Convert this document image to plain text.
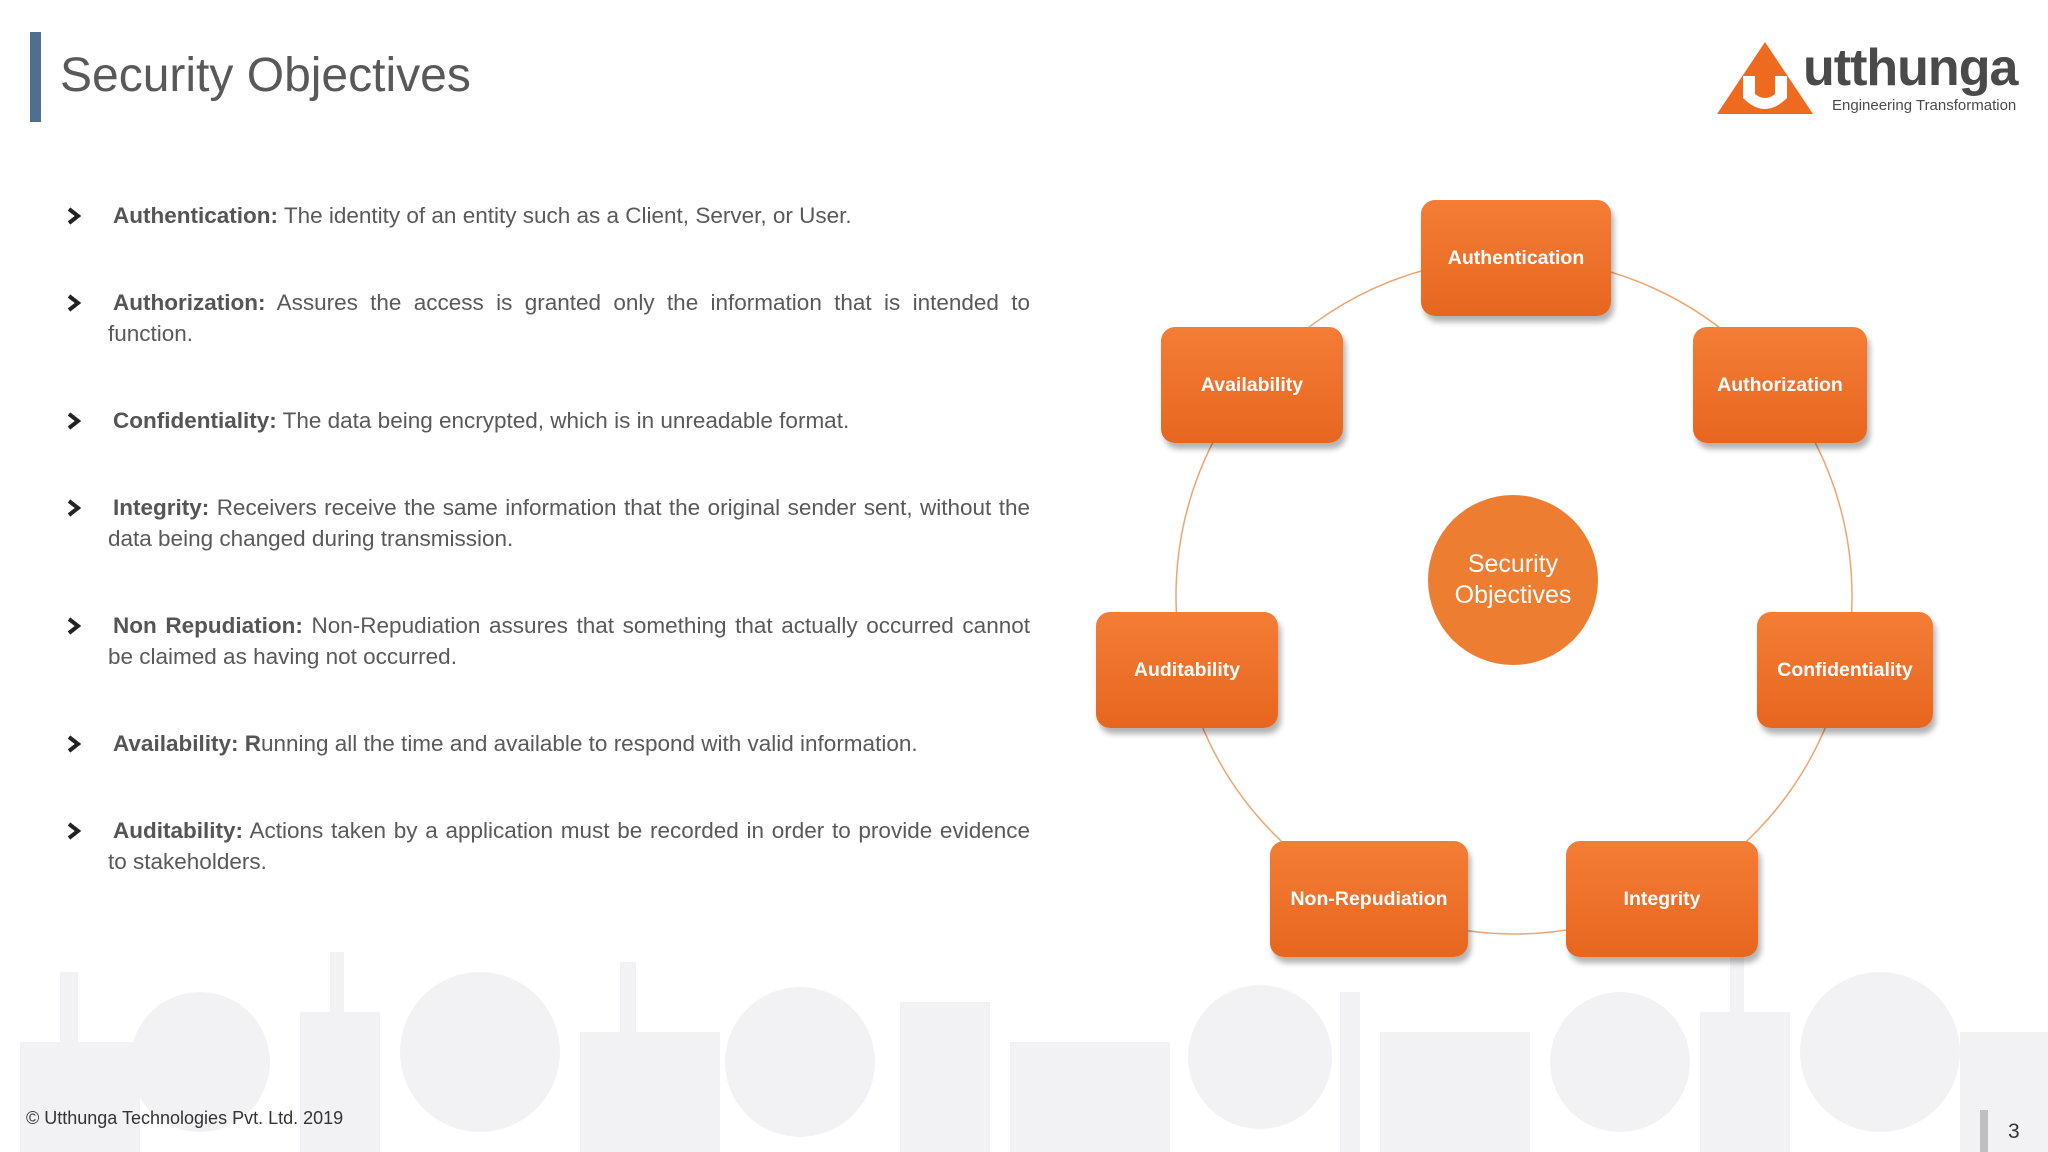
Security Objectives	utthunga
Engineering Transformation
Authentication: The identity of an entity such as a Client, Server, or User.
Authorization: Assures the access is granted only the information that is intended to function.
Confidentiality: The data being encrypted, which is in unreadable format.
Integrity: Receivers receive the same information that the original sender sent, without the data being changed during transmission.
Non Repudiation: Non-Repudiation assures that something that actually occurred cannot be claimed as having not occurred.
Availability: Running all the time and available to respond with valid information.
Auditability: Actions taken by a application must be recorded in order to provide evidence to stakeholders.
Authentication
Authorization
Confidentiality
Integrity
Non-Repudiation
Auditability
Availability
Security
Objectives
© Utthunga Technologies Pvt. Ltd. 2019
3
